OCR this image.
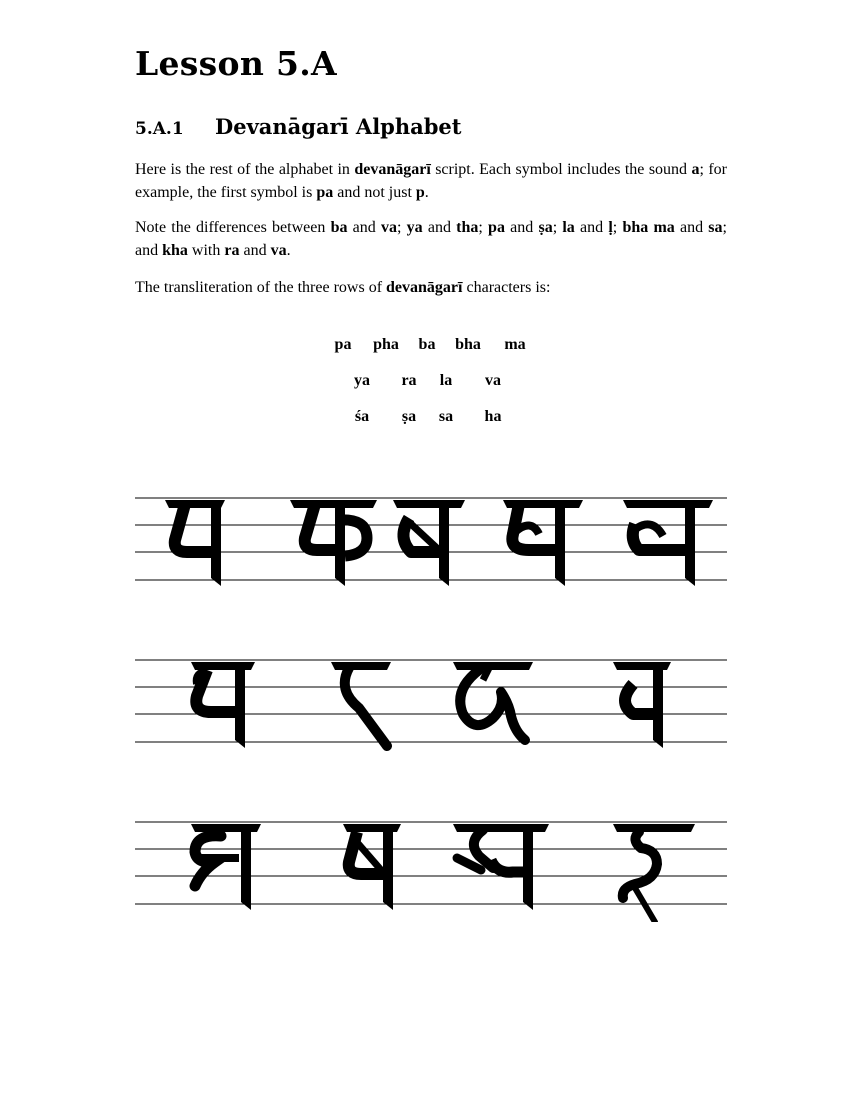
Lesson 5.A
5.A.1 Devanāgarī Alphabet

Here is the rest of the alphabet in devanāgarī script. Each symbol includes the sound a; for example, the first symbol is pa and not just p.

Note the differences between ba and va; ya and tha; pa and ṣa; la and ḷ; bha ma and sa; and kha with ra and va.

The transliteration of the three rows of devanāgarī characters is:

pa pha ba bha ma
ya ra la va
śa ṣa sa ha
